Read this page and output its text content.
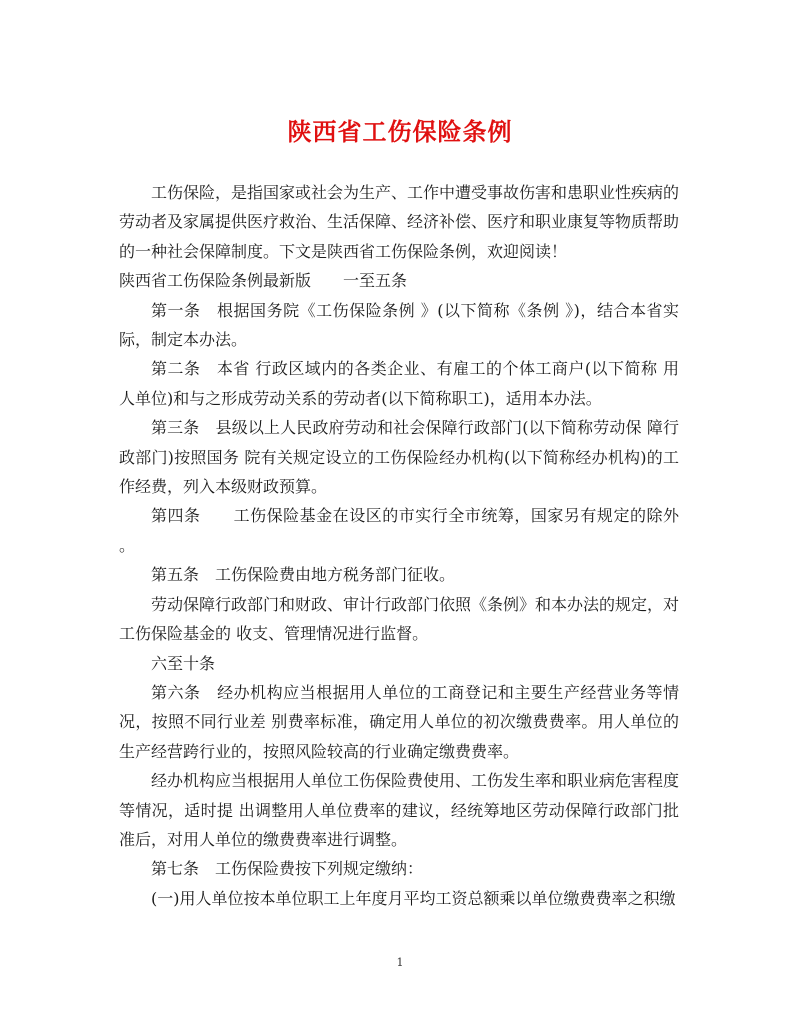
陕西省工伤保险条例

工伤保险，是指国家或社会为生产、工作中遭受事故伤害和患职业性疾病的劳动者及家属提供医疗救治、生活保障、经济补偿、医疗和职业康复等物质帮助的一种社会保障制度。下文是陕西省工伤保险条例，欢迎阅读！

陕西省工伤保险条例最新版　　一至五条

第一条　根据国务院《工伤保险条例 》(以下简称《条例 》)，结合本省实际，制定本办法。

第二条　本省 行政区域内的各类企业、有雇工的个体工商户(以下简称 用人单位)和与之形成劳动关系的劳动者(以下简称职工)，适用本办法。

第三条　县级以上人民政府劳动和社会保障行政部门(以下简称劳动保 障行政部门)按照国务 院有关规定设立的工伤保险经办机构(以下简称经办机构)的工作经费，列入本级财政预算。

第四条　　工伤保险基金在设区的市实行全市统筹，国家另有规定的除外 。

第五条　工伤保险费由地方税务部门征收。

劳动保障行政部门和财政、审计行政部门依照《条例》和本办法的规定，对工伤保险基金的 收支、管理情况进行监督。

六至十条

第六条　经办机构应当根据用人单位的工商登记和主要生产经营业务等情况，按照不同行业差 别费率标准，确定用人单位的初次缴费费率。用人单位的生产经营跨行业的，按照风险较高的行业确定缴费费率。

经办机构应当根据用人单位工伤保险费使用、工伤发生率和职业病危害程度等情况，适时提 出调整用人单位费率的建议，经统筹地区劳动保障行政部门批准后，对用人单位的缴费费率进行调整。

第七条　工伤保险费按下列规定缴纳：

(一)用人单位按本单位职工上年度月平均工资总额乘以单位缴费费率之积缴

1
